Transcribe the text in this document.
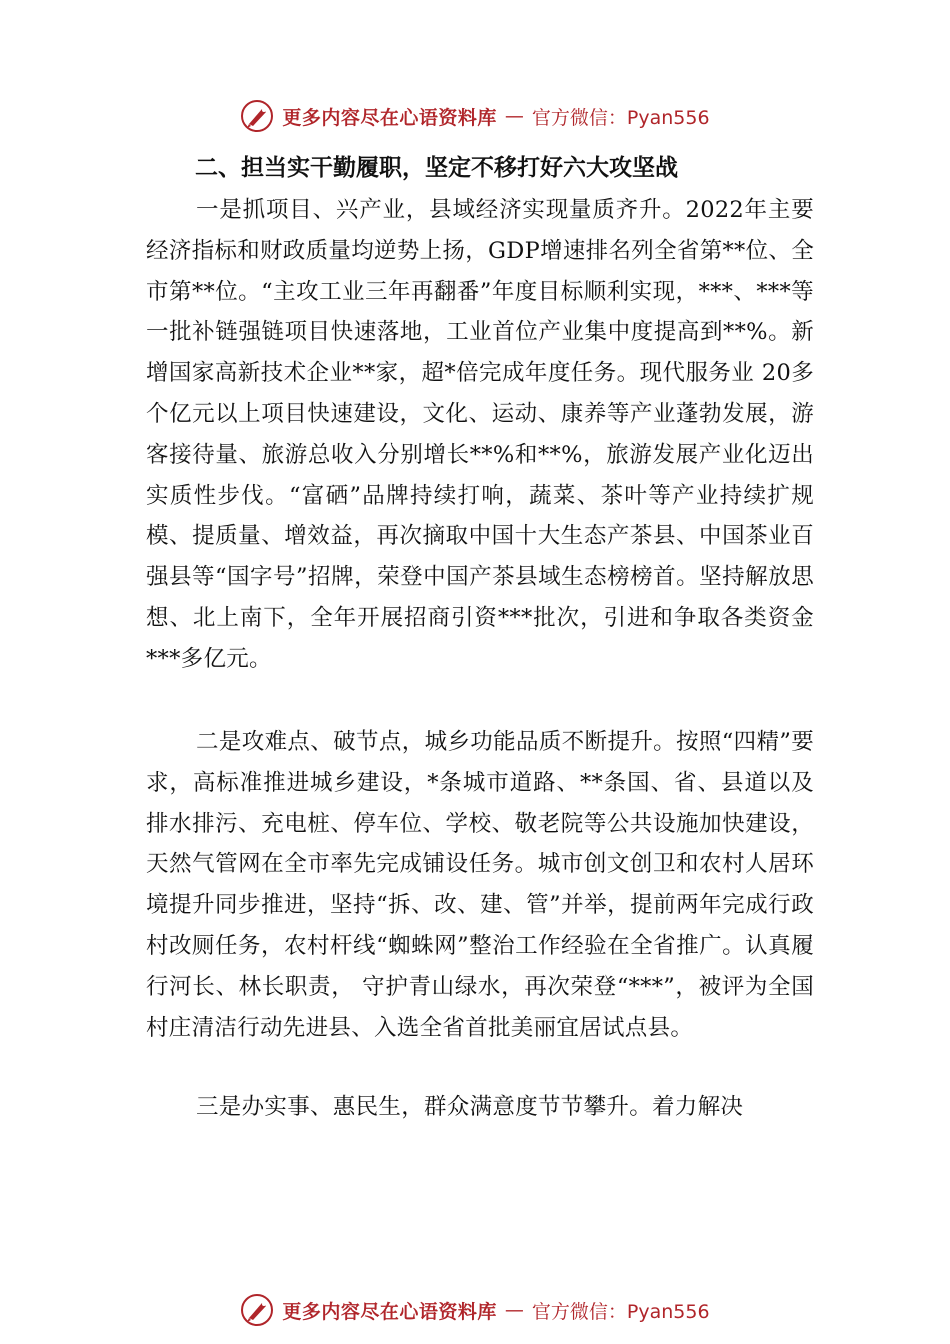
更多内容尽在心语资料库 — 官方微信：Pyan556
二、担当实干勤履职，坚定不移打好六大攻坚战

一是抓项目、兴产业，县域经济实现量质齐升。2022年主要经济指标和财政质量均逆势上扬，GDP增速排名列全省第**位、全市第**位。“主攻工业三年再翻番”年度目标顺利实现，***、***等一批补链强链项目快速落地，工业首位产业集中度提高到**%。新增国家高新技术企业**家，超*倍完成年度任务。现代服务业 20多个亿元以上项目快速建设，文化、运动、康养等产业蓬勃发展，游客接待量、旅游总收入分别增长**%和**%，旅游发展产业化迈出实质性步伐。“富硒”品牌持续打响，蔬菜、茶叶等产业持续扩规模、提质量、增效益，再次摘取中国十大生态产茶县、中国茶业百强县等“国字号”招牌，荣登中国产茶县域生态榜榜首。坚持解放思想、北上南下，全年开展招商引资***批次，引进和争取各类资金***多亿元。

二是攻难点、破节点，城乡功能品质不断提升。按照“四精”要求，高标准推进城乡建设，*条城市道路、**条国、省、县道以及排水排污、充电桩、停车位、学校、敬老院等公共设施加快建设，天然气管网在全市率先完成铺设任务。城市创文创卫和农村人居环境提升同步推进，坚持“拆、改、建、管”并举，提前两年完成行政村改厕任务，农村杆线“蜘蛛网”整治工作经验在全省推广。认真履行河长、林长职责， 守护青山绿水，再次荣登“***”，被评为全国村庄清洁行动先进县、入选全省首批美丽宜居试点县。

三是办实事、惠民生，群众满意度节节攀升。着力解决

更多内容尽在心语资料库 — 官方微信：Pyan556
